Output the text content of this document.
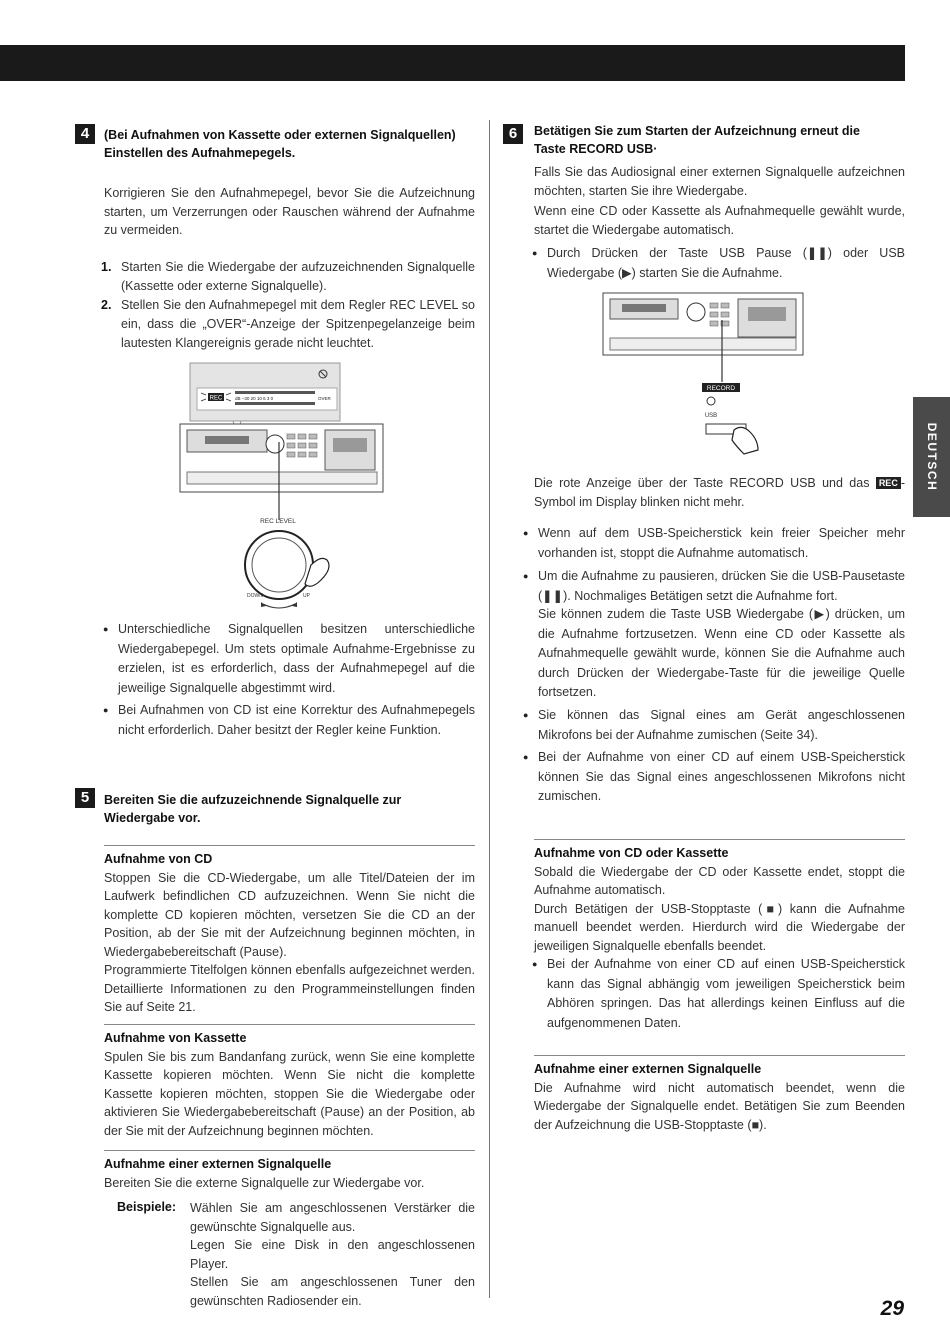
DEUTSCH
29
4	(Bei Aufnahmen von Kassette oder externen Signalquellen)
Einstellen des Aufnahmepegels.
Korrigieren Sie den Aufnahmepegel, bevor Sie die Aufzeichnung starten, um Verzerrungen oder Rauschen während der Aufnahme zu vermeiden.
1. Starten Sie die Wiedergabe der aufzuzeichnenden Signalquelle (Kassette oder externe Signalquelle).
2. Stellen Sie den Aufnahmepegel mit dem Regler REC LEVEL so ein, dass die „OVER“-Anzeige der Spitzenpegelanzeige beim lautesten Klangereignis gerade nicht leuchtet.
REC	dB −30 20 10 6 3 0	OVER
REC LEVEL
DOWN	UP
● Unterschiedliche Signalquellen besitzen unterschiedliche Wiedergabepegel. Um stets optimale Aufnahme-Ergebnisse zu erzielen, ist es erforderlich, dass der Aufnahmepegel auf die jeweilige Signalquelle abgestimmt wird.
● Bei Aufnahmen von CD ist eine Korrektur des Aufnahmepegels nicht erforderlich. Daher besitzt der Regler keine Funktion.
5	Bereiten Sie die aufzuzeichnende Signalquelle zur Wiedergabe vor.
Aufnahme von CD
Stoppen Sie die CD-Wiedergabe, um alle Titel/Dateien der im Laufwerk befindlichen CD aufzuzeichnen. Wenn Sie nicht die komplette CD kopieren möchten, versetzen Sie die CD an der Position, ab der Sie mit der Aufzeichnung beginnen möchten, in Wiedergabebereitschaft (Pause).
Programmierte Titelfolgen können ebenfalls aufgezeichnet werden. Detaillierte Informationen zu den Programmeinstellungen finden Sie auf Seite 21.
Aufnahme von Kassette
Spulen Sie bis zum Bandanfang zurück, wenn Sie eine komplette Kassette kopieren möchten. Wenn Sie nicht die komplette Kassette kopieren möchten, stoppen Sie die Wiedergabe oder aktivieren Sie Wiedergabebereitschaft (Pause) an der Position, ab der Sie mit der Aufzeichnung beginnen möchten.
Aufnahme einer externen Signalquelle
Bereiten Sie die externe Signalquelle zur Wiedergabe vor.
Beispiele: Wählen Sie am angeschlossenen Verstärker die gewünschte Signalquelle aus.
Legen Sie eine Disk in den angeschlossenen Player.
Stellen Sie am angeschlossenen Tuner den gewünschten Radiosender ein.
6	Betätigen Sie zum Starten der Aufzeichnung erneut die
Taste RECORD USB·
Falls Sie das Audiosignal einer externen Signalquelle aufzeichnen möchten, starten Sie ihre Wiedergabe.
Wenn eine CD oder Kassette als Aufnahmequelle gewählt wurde, startet die Wiedergabe automatisch.
● Durch Drücken der Taste USB Pause (❚❚) oder USB Wiedergabe (▶) starten Sie die Aufnahme.
RECORD
USB
Die rote Anzeige über der Taste RECORD USB und das REC -Symbol im Display blinken nicht mehr.
● Wenn auf dem USB-Speicherstick kein freier Speicher mehr vorhanden ist, stoppt die Aufnahme automatisch.
● Um die Aufnahme zu pausieren, drücken Sie die USB-Pausetaste (❚❚). Nochmaliges Betätigen setzt die Aufnahme fort.
Sie können zudem die Taste USB Wiedergabe (▶) drücken, um die Aufnahme fortzusetzen. Wenn eine CD oder Kassette als Aufnahmequelle gewählt wurde, können Sie die Aufnahme auch durch Drücken der Wiedergabe-Taste für die jeweilige Quelle fortsetzen.
● Sie können das Signal eines am Gerät angeschlossenen Mikrofons bei der Aufnahme zumischen (Seite 34).
● Bei der Aufnahme von einer CD auf einem USB-Speicherstick können Sie das Signal eines angeschlossenen Mikrofons nicht zumischen.
Aufnahme von CD oder Kassette
Sobald die Wiedergabe der CD oder Kassette endet, stoppt die Aufnahme automatisch.
Durch Betätigen der USB-Stopptaste (■) kann die Aufnahme manuell beendet werden. Hierdurch wird die Wiedergabe der jeweiligen Signalquelle ebenfalls beendet.
● Bei der Aufnahme von einer CD auf einen USB-Speicherstick kann das Signal abhängig vom jeweiligen Speicherstick beim Abhören springen. Das hat allerdings keinen Einfluss auf die aufgenommenen Daten.
Aufnahme einer externen Signalquelle
Die Aufnahme wird nicht automatisch beendet, wenn die Wiedergabe der Signalquelle endet. Betätigen Sie zum Beenden der Aufzeichnung die USB-Stopptaste (■).
